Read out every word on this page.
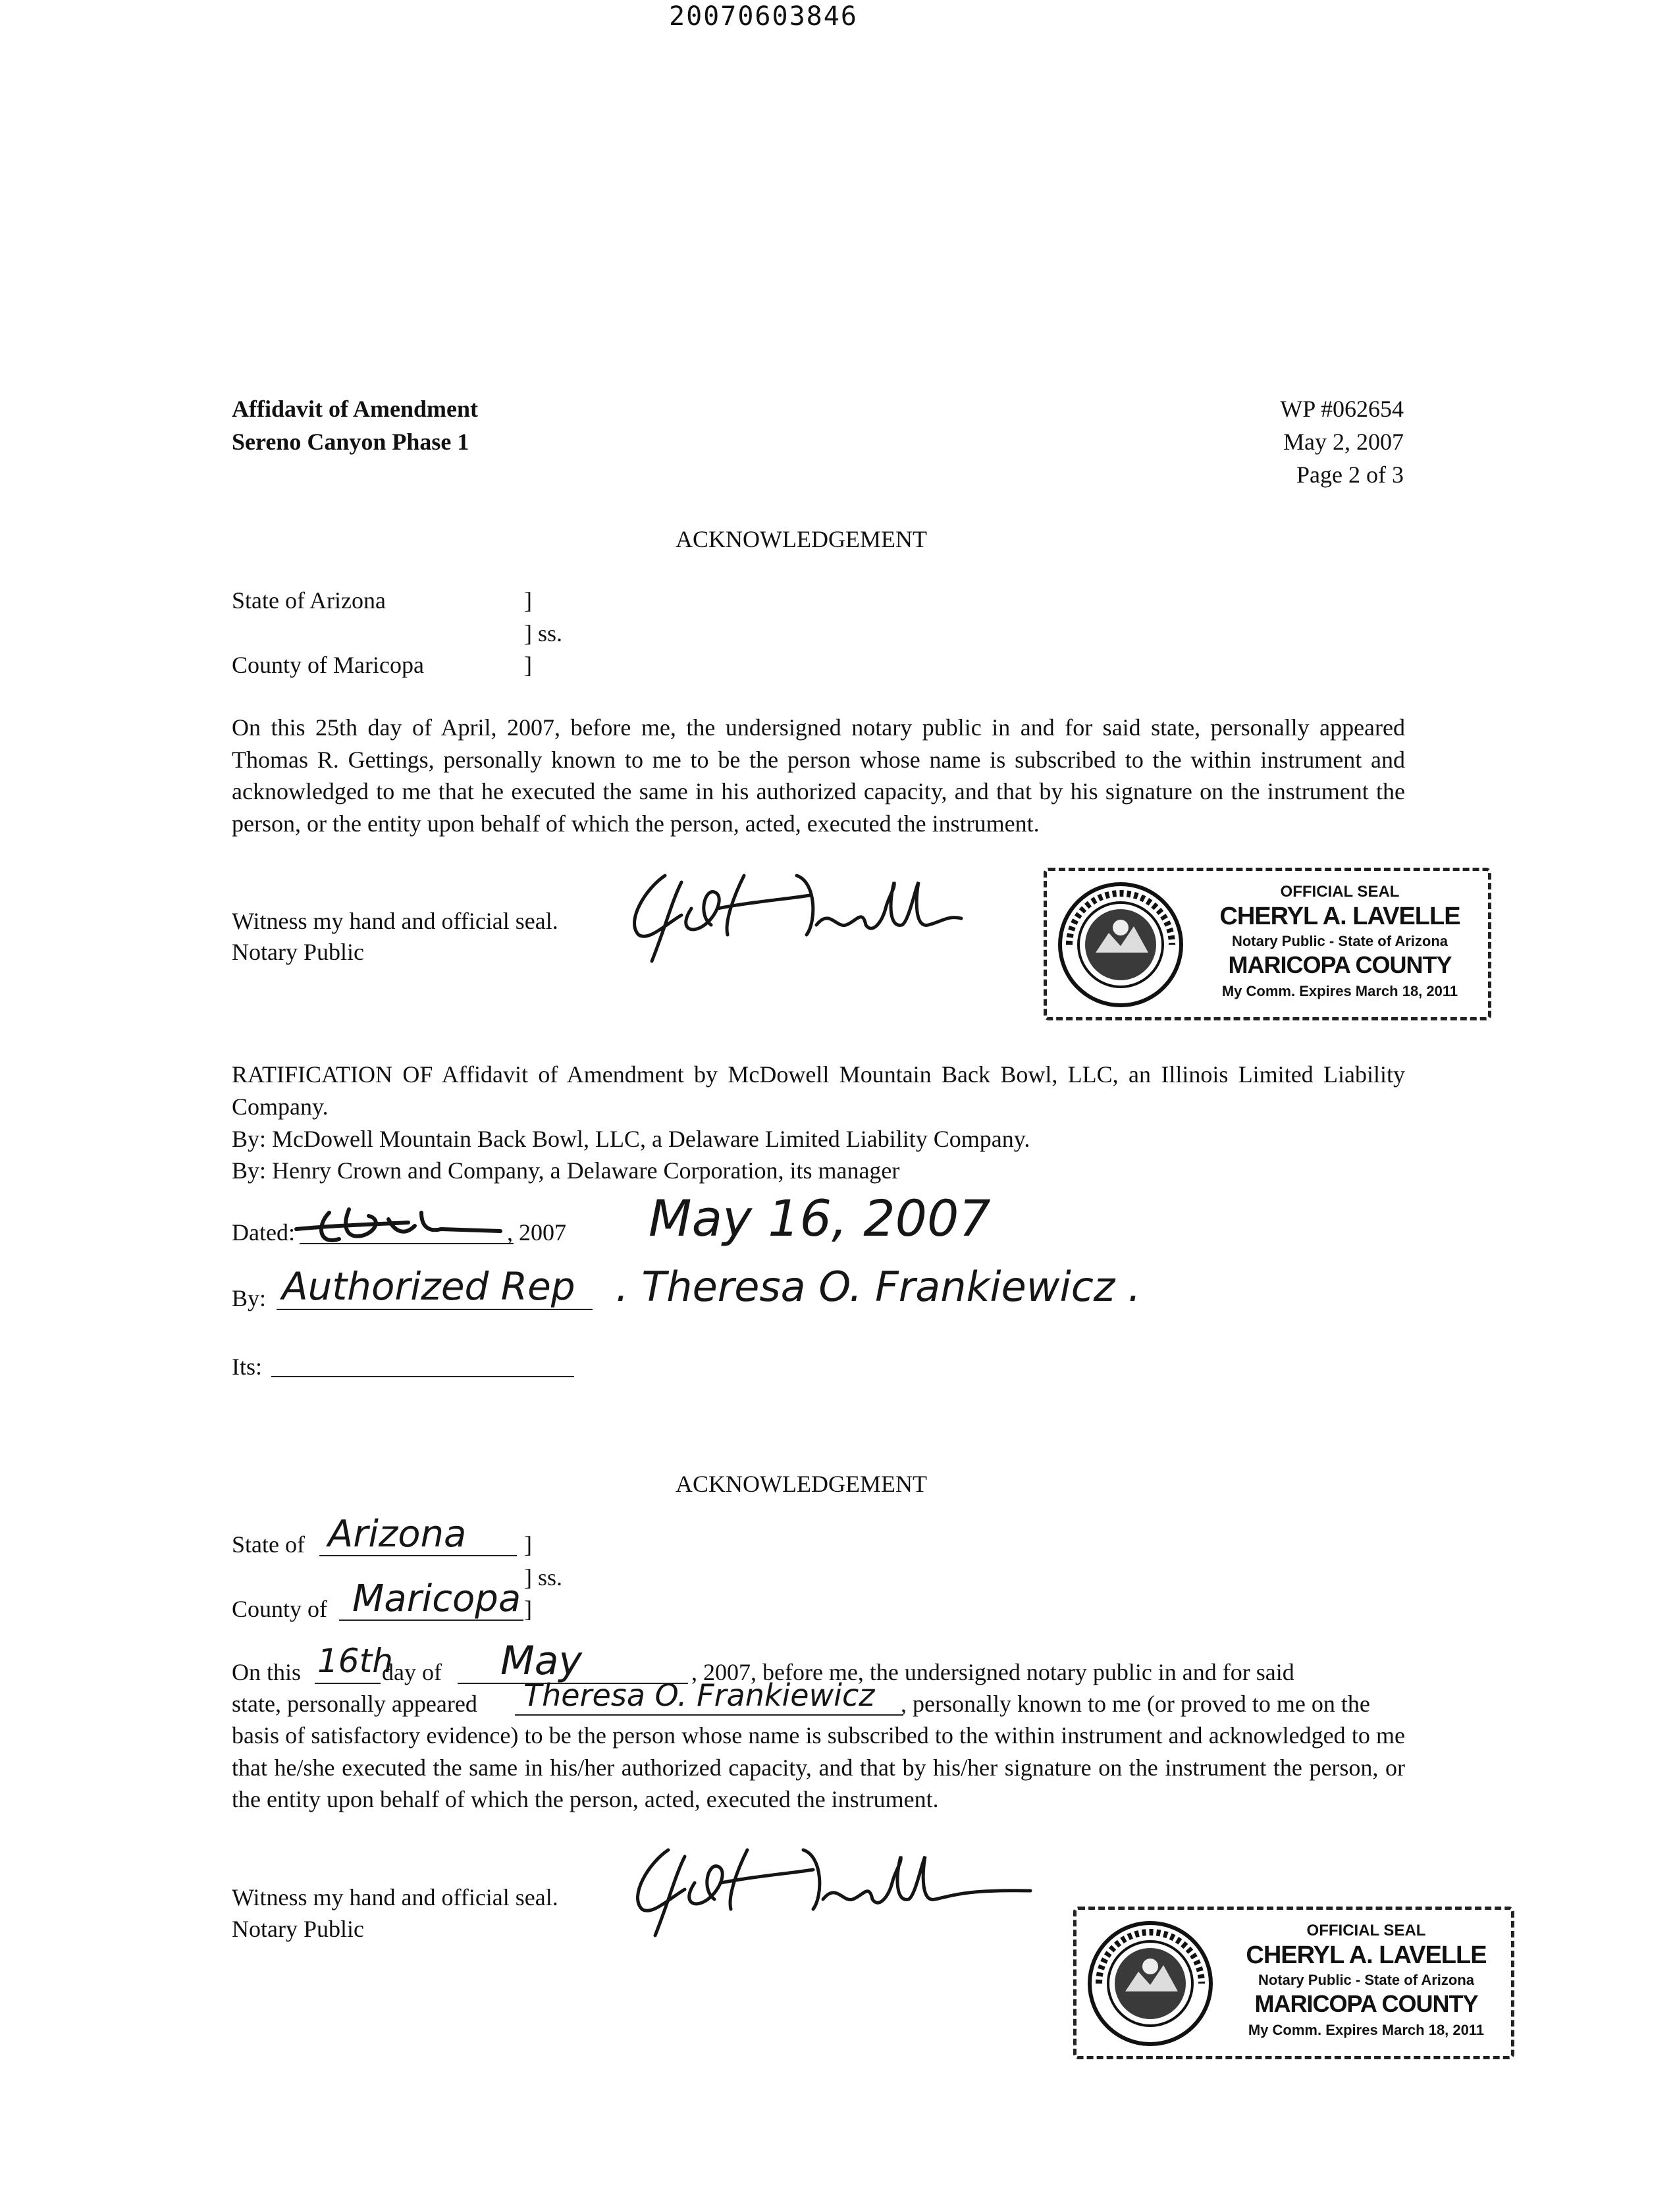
20070603846
Affidavit of Amendment
Sereno Canyon Phase 1
WP #062654
May 2, 2007
Page 2 of 3
ACKNOWLEDGEMENT
State of Arizona	]
] ss.
County of Maricopa	]
On this 25th day of April, 2007, before me, the undersigned notary public in and for said state, personally appeared Thomas R. Gettings, personally known to me to be the person whose name is subscribed to the within instrument and acknowledged to me that he executed the same in his authorized capacity, and that by his signature on the instrument the person, or the entity upon behalf of which the person, acted, executed the instrument.
Witness my hand and official seal.
Notary Public
OFFICIAL SEAL
CHERYL A. LAVELLE
Notary Public - State of Arizona
MARICOPA COUNTY
My Comm. Expires March 18, 2011
RATIFICATION OF Affidavit of Amendment by McDowell Mountain Back Bowl, LLC, an Illinois Limited Liability Company.
By: McDowell Mountain Back Bowl, LLC, a Delaware Limited Liability Company.
By: Henry Crown and Company, a Delaware Corporation, its manager
Dated:	, 2007 May 16, 2007
By: Authorized Rep . Theresa O. Frankiewicz .
Its:
ACKNOWLEDGEMENT
State of Arizona ]
] ss.
County of Maricopa ]
On this 16th
day of May	, 2007, before me, the undersigned notary public in and for said
state, personally appeared Theresa O. Frankiewicz , personally known to me (or proved to me on the
basis of satisfactory evidence) to be the person whose name is subscribed to the within instrument and acknowledged to me that he/she executed the same in his/her authorized capacity, and that by his/her signature on the instrument the person, or the entity upon behalf of which the person, acted, executed the instrument.
Witness my hand and official seal.
Notary Public	OFFICIAL SEAL
CHERYL A. LAVELLE
Notary Public - State of Arizona
MARICOPA COUNTY
My Comm. Expires March 18, 2011
